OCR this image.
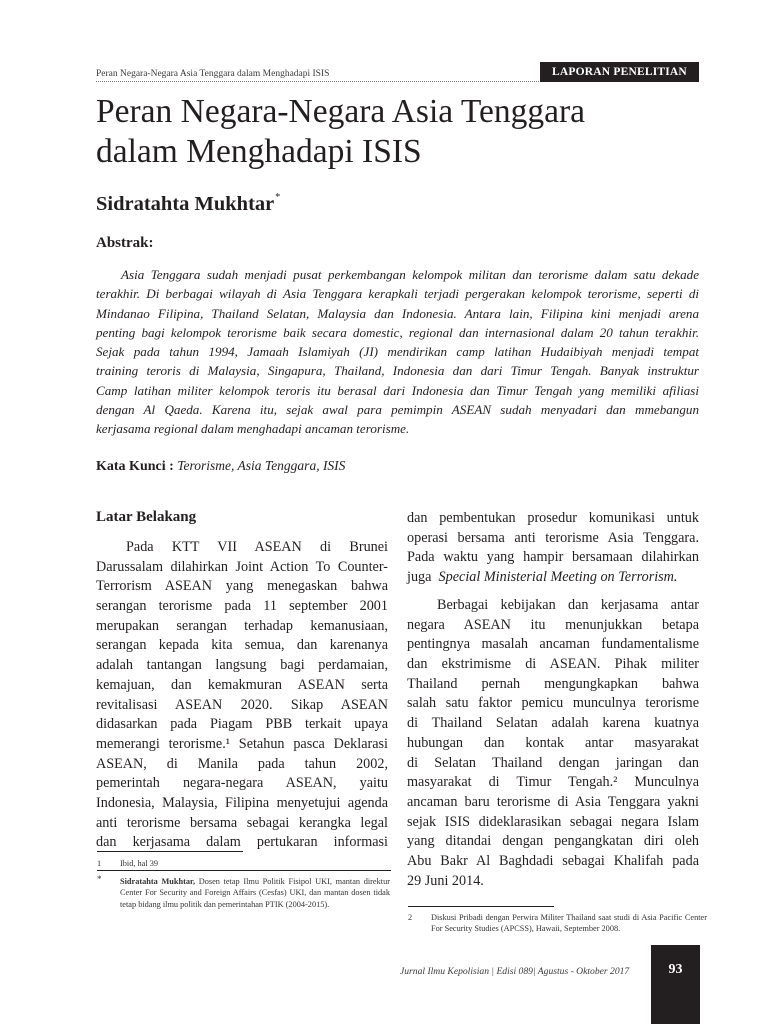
Peran Negara-Negara Asia Tenggara dalam Menghadapi ISIS	LAPORAN PENELITIAN
Peran Negara-Negara Asia Tenggara
dalam Menghadapi ISIS
Sidratahta Mukhtar*
Abstrak:
Asia Tenggara sudah menjadi pusat perkembangan kelompok militan dan terorisme dalam satu dekade
terakhir. Di berbagai wilayah di Asia Tenggara kerapkali terjadi pergerakan kelompok terorisme, seperti di
Mindanao Filipina, Thailand Selatan, Malaysia dan Indonesia. Antara lain, Filipina kini menjadi arena
penting bagi kelompok terorisme baik secara domestic, regional dan internasional dalam 20 tahun terakhir.
Sejak pada tahun 1994, Jamaah Islamiyah (JI) mendirikan camp latihan Hudaibiyah menjadi tempat
training teroris di Malaysia, Singapura, Thailand, Indonesia dan dari Timur Tengah. Banyak instruktur
Camp latihan militer kelompok teroris itu berasal dari Indonesia dan Timur Tengah yang memiliki afiliasi
dengan Al Qaeda. Karena itu, sejak awal para pemimpin ASEAN sudah menyadari dan mmebangun
kerjasama regional dalam menghadapi ancaman terorisme.
Kata Kunci : Terorisme, Asia Tenggara, ISIS
Latar Belakang
Pada KTT VII ASEAN di Brunei
Darussalam dilahirkan Joint Action To Counter-
Terrorism ASEAN yang menegaskan bahwa
serangan terorisme pada 11 september 2001
merupakan serangan terhadap kemanusiaan,
serangan kepada kita semua, dan karenanya
adalah tantangan langsung bagi perdamaian,
kemajuan, dan kemakmuran ASEAN serta
revitalisasi ASEAN 2020. Sikap ASEAN
didasarkan pada Piagam PBB terkait upaya
memerangi terorisme.¹ Setahun pasca Deklarasi
ASEAN, di Manila pada tahun 2002,
pemerintah negara-negara ASEAN, yaitu
Indonesia, Malaysia, Filipina menyetujui agenda
anti terorisme bersama sebagai kerangka legal
dan kerjasama dalam pertukaran informasi
dan pembentukan prosedur komunikasi untuk
operasi bersama anti terorisme Asia Tenggara.
Pada waktu yang hampir bersamaan dilahirkan
juga Special Ministerial Meeting on Terrorism.
Berbagai kebijakan dan kerjasama antar
negara ASEAN itu menunjukkan betapa
pentingnya masalah ancaman fundamentalisme
dan ekstrimisme di ASEAN. Pihak militer
Thailand pernah mengungkapkan bahwa
salah satu faktor pemicu munculnya terorisme
di Thailand Selatan adalah karena kuatnya
hubungan dan kontak antar masyarakat
di Selatan Thailand dengan jaringan dan
masyarakat di Timur Tengah.² Munculnya
ancaman baru terorisme di Asia Tenggara yakni
sejak ISIS dideklarasikan sebagai negara Islam
yang ditandai dengan pengangkatan diri oleh
Abu Bakr Al Baghdadi sebagai Khalifah pada
29 Juni 2014.
1 Ibid, hal 39
* Sidratahta Mukhtar, Dosen tetap Ilmu Politik Fisipol UKI, mantan direktur Center For Security and Foreign Affairs (Cesfas) UKI, dan mantan dosen tidak tetap bidang ilmu politik dan pemerintahan PTIK (2004-2015).
2 Diskusi Pribadi dengan Perwira Militer Thailand saat studi di Asia Pacific Center For Security Studies (APCSS), Hawaii, September 2008.
Jurnal Ilmu Kepolisian | Edisi 089| Agustus - Oktober 2017	93
